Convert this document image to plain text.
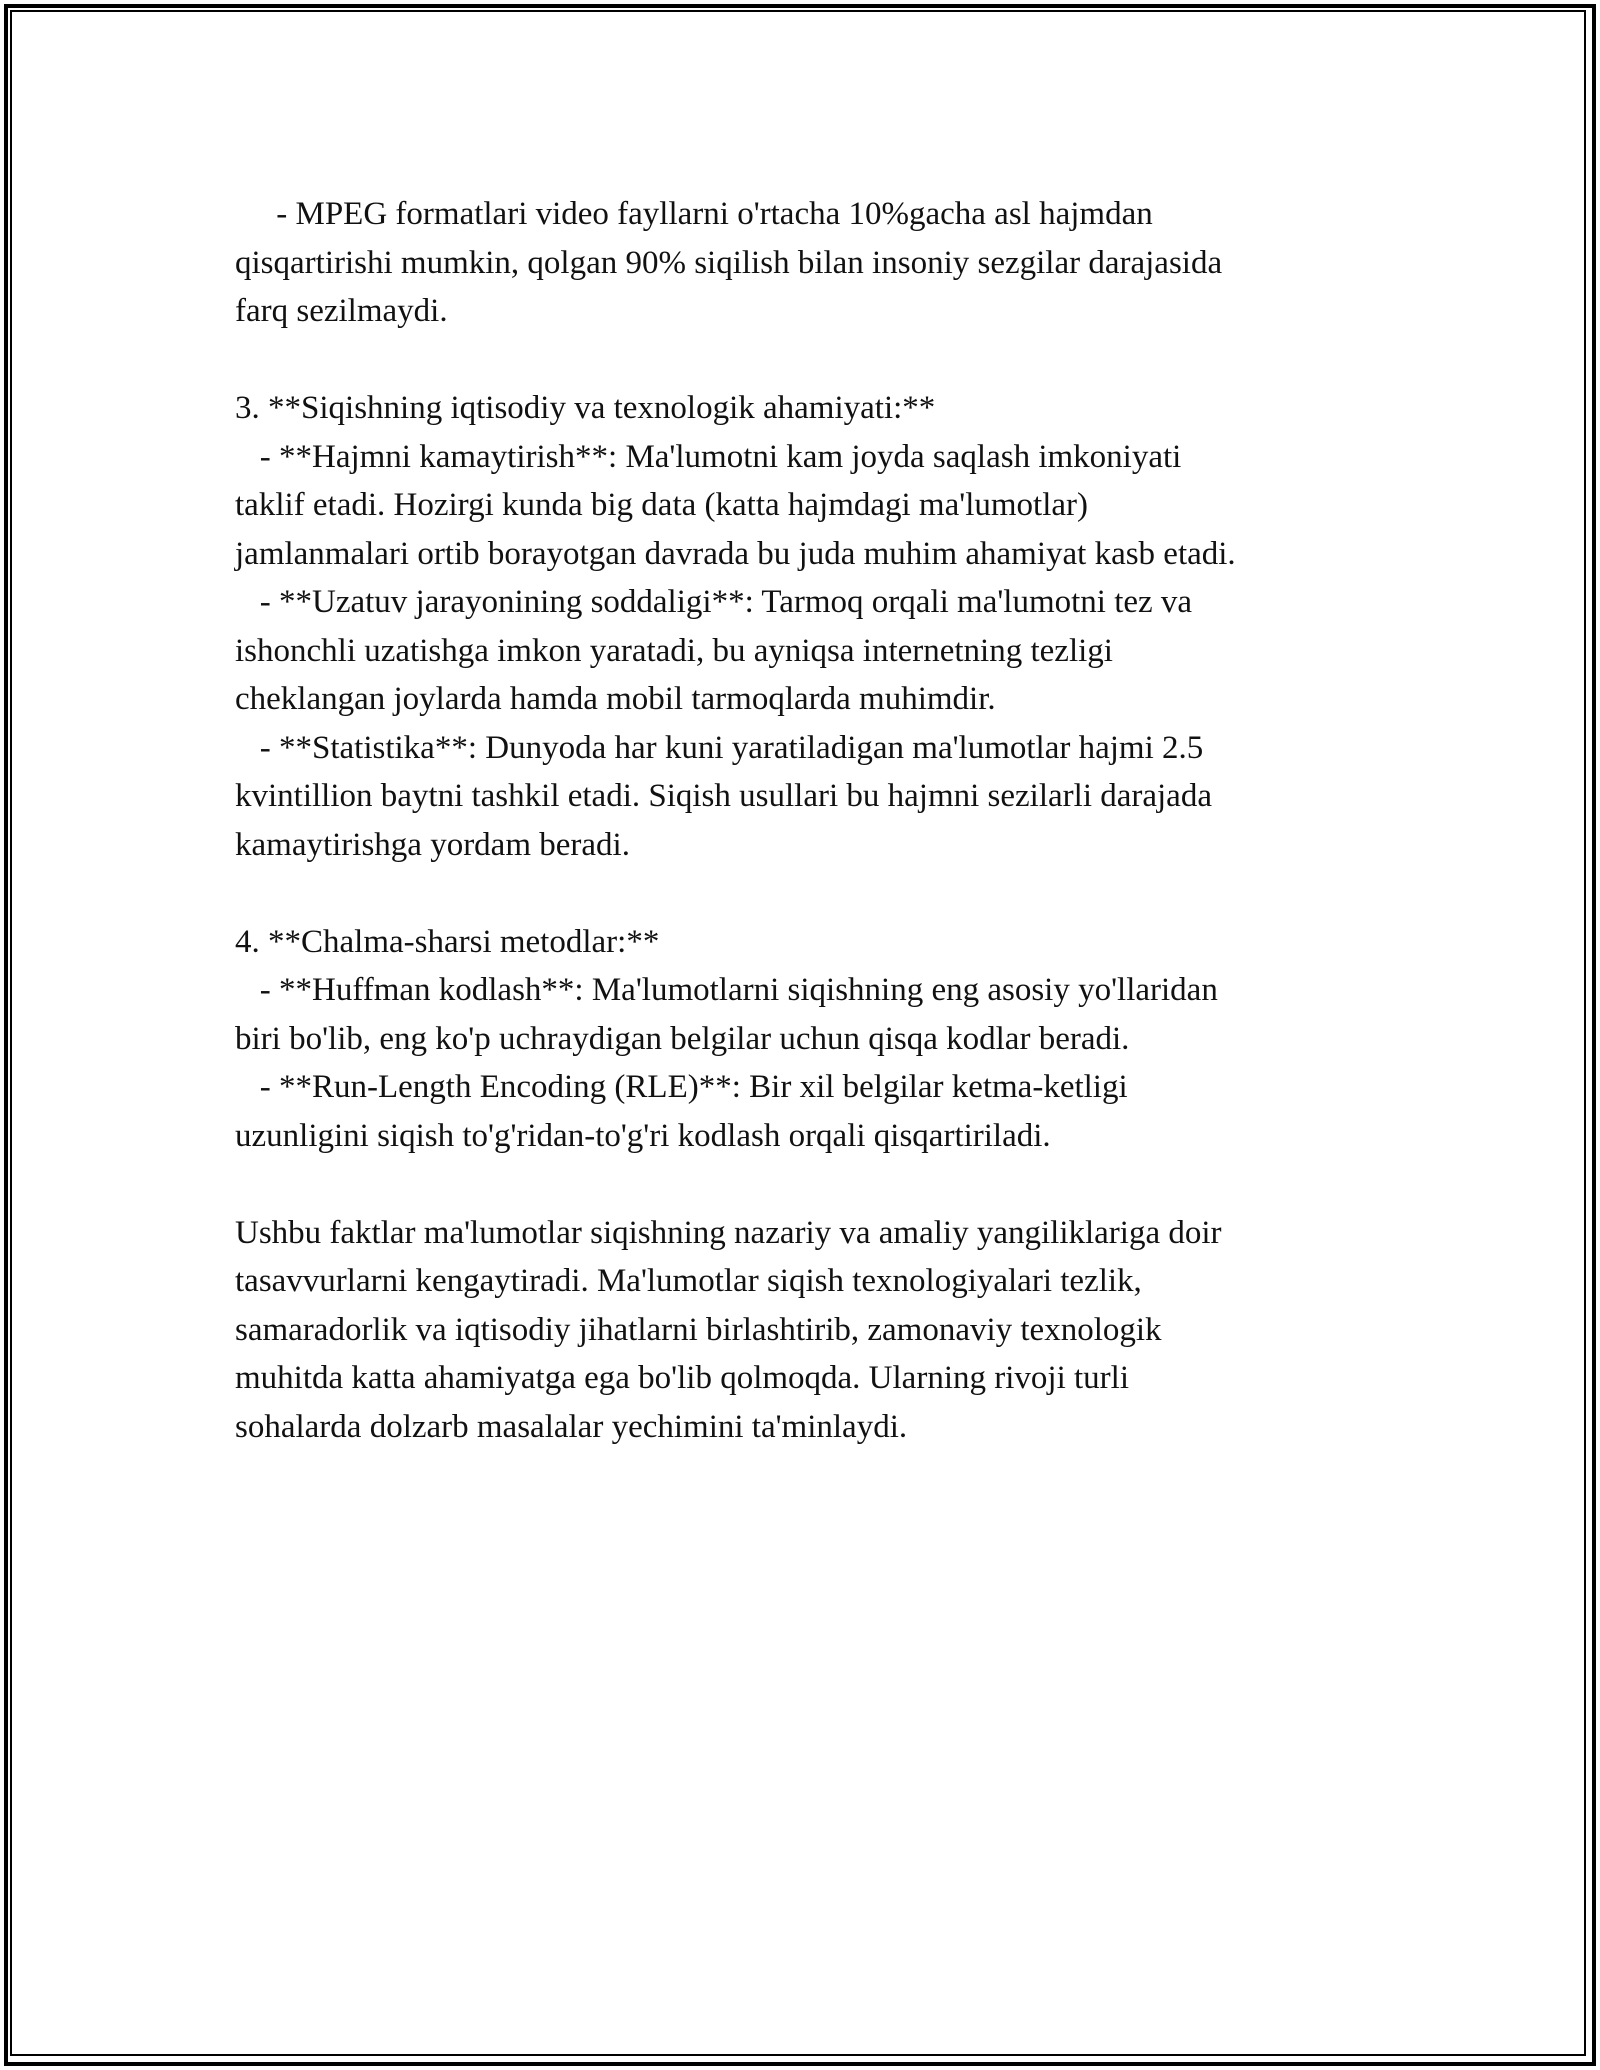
- MPEG formatlari video fayllarni o'rtacha 10%gacha asl hajmdan
qisqartirishi mumkin, qolgan 90% siqilish bilan insoniy sezgilar darajasida
farq sezilmaydi.
3. **Siqishning iqtisodiy va texnologik ahamiyati:**
- **Hajmni kamaytirish**: Ma'lumotni kam joyda saqlash imkoniyati
taklif etadi. Hozirgi kunda big data (katta hajmdagi ma'lumotlar)
jamlanmalari ortib borayotgan davrada bu juda muhim ahamiyat kasb etadi.
- **Uzatuv jarayonining soddaligi**: Tarmoq orqali ma'lumotni tez va
ishonchli uzatishga imkon yaratadi, bu ayniqsa internetning tezligi
cheklangan joylarda hamda mobil tarmoqlarda muhimdir.
- **Statistika**: Dunyoda har kuni yaratiladigan ma'lumotlar hajmi 2.5
kvintillion baytni tashkil etadi. Siqish usullari bu hajmni sezilarli darajada
kamaytirishga yordam beradi.
4. **Chalma-sharsi metodlar:**
- **Huffman kodlash**: Ma'lumotlarni siqishning eng asosiy yo'llaridan
biri bo'lib, eng ko'p uchraydigan belgilar uchun qisqa kodlar beradi.
- **Run-Length Encoding (RLE)**: Bir xil belgilar ketma-ketligi
uzunligini siqish to'g'ridan-to'g'ri kodlash orqali qisqartiriladi.
Ushbu faktlar ma'lumotlar siqishning nazariy va amaliy yangiliklariga doir
tasavvurlarni kengaytiradi. Ma'lumotlar siqish texnologiyalari tezlik,
samaradorlik va iqtisodiy jihatlarni birlashtirib, zamonaviy texnologik
muhitda katta ahamiyatga ega bo'lib qolmoqda. Ularning rivoji turli
sohalarda dolzarb masalalar yechimini ta'minlaydi.
